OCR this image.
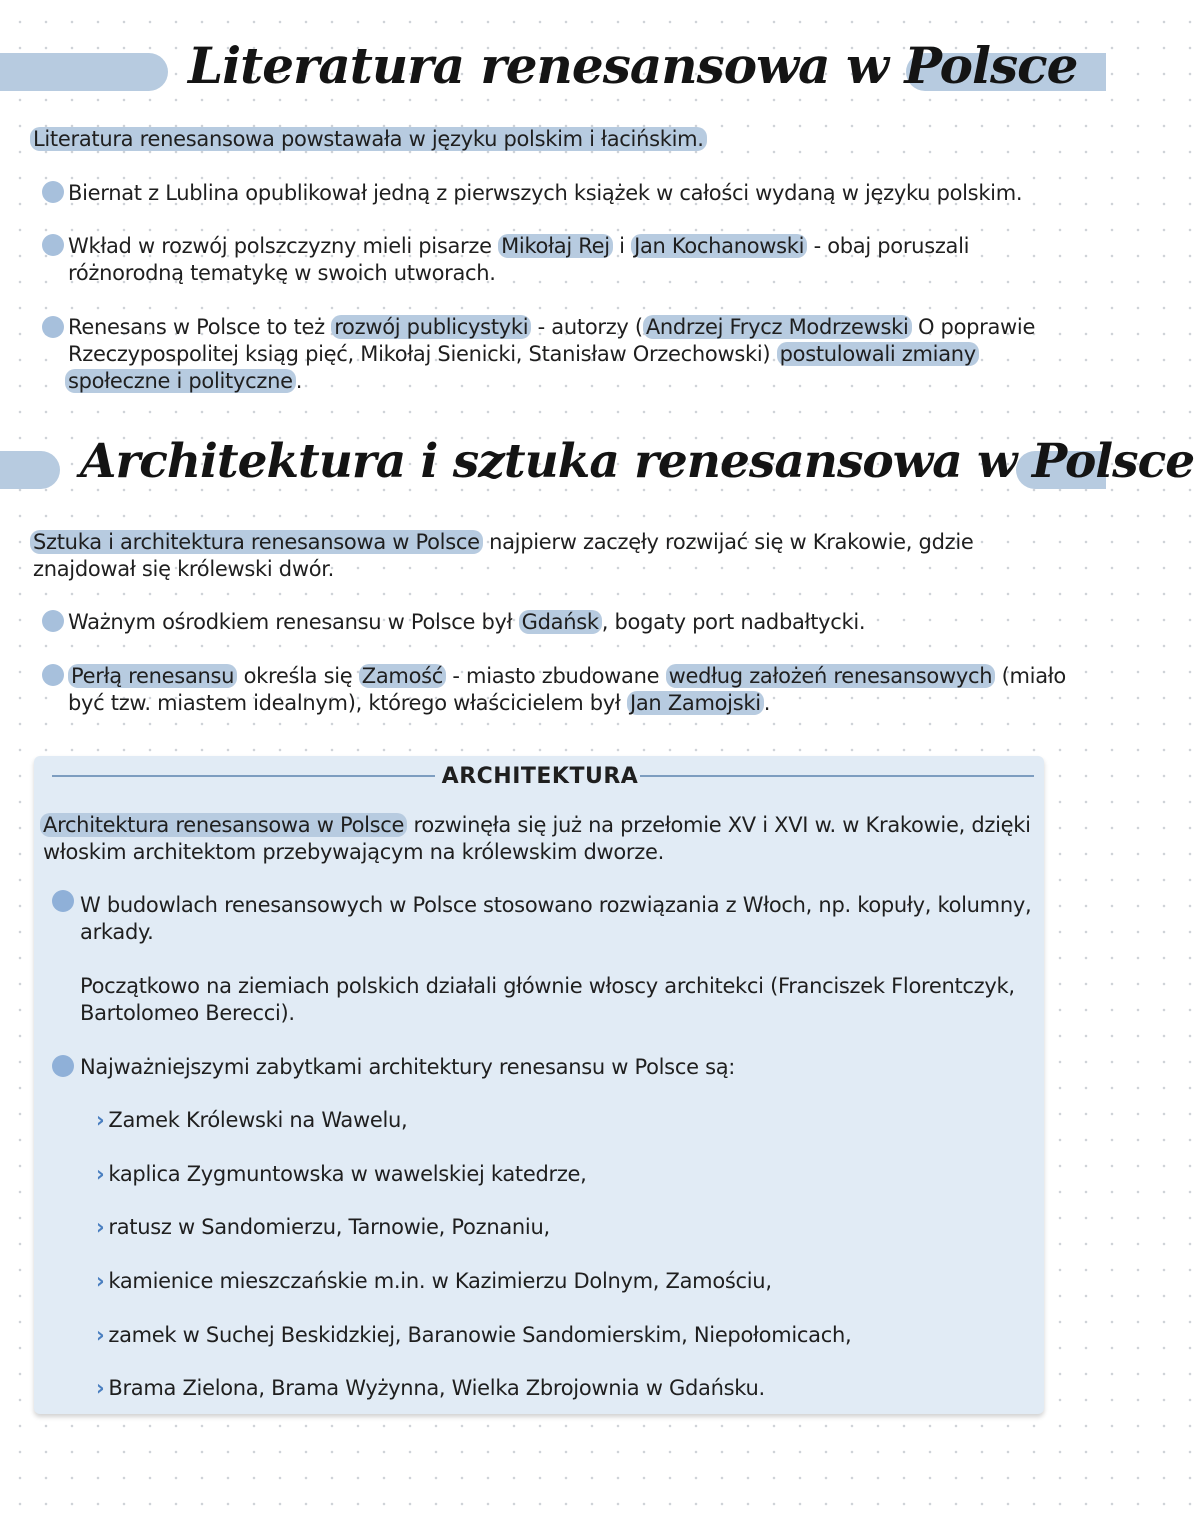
Literatura renesansowa w Polsce
Literatura renesansowa powstawała w języku polskim i łacińskim.
Biernat z Lublina opublikował jedną z pierwszych książek w całości wydaną w języku polskim.
Wkład w rozwój polszczyzny mieli pisarze Mikołaj Rej i Jan Kochanowski - obaj poruszali
różnorodną tematykę w swoich utworach.
Renesans w Polsce to też rozwój publicystyki - autorzy ( Andrzej Frycz Modrzewski O poprawie
Rzeczypospolitej ksiąg pięć, Mikołaj Sienicki, Stanisław Orzechowski) postulowali zmiany
społeczne i polityczne .
Architektura i sztuka renesansowa w Polsce
Sztuka i architektura renesansowa w Polsce najpierw zaczęły rozwijać się w Krakowie, gdzie
znajdował się królewski dwór.
Ważnym ośrodkiem renesansu w Polsce był Gdańsk , bogaty port nadbałtycki.
Perłą renesansu określa się Zamość - miasto zbudowane według założeń renesansowych (miało
być tzw. miastem idealnym), którego właścicielem był Jan Zamojski .
ARCHITEKTURA
Architektura renesansowa w Polsce rozwinęła się już na przełomie XV i XVI w. w Krakowie, dzięki
włoskim architektom przebywającym na królewskim dworze.
W budowlach renesansowych w Polsce stosowano rozwiązania z Włoch, np. kopuły, kolumny,
arkady.
Początkowo na ziemiach polskich działali głównie włoscy architekci (Franciszek Florentczyk,
Bartolomeo Berecci).
Najważniejszymi zabytkami architektury renesansu w Polsce są:
› Zamek Królewski na Wawelu,
› kaplica Zygmuntowska w wawelskiej katedrze,
› ratusz w Sandomierzu, Tarnowie, Poznaniu,
› kamienice mieszczańskie m.in. w Kazimierzu Dolnym, Zamościu,
› zamek w Suchej Beskidzkiej, Baranowie Sandomierskim, Niepołomicach,
› Brama Zielona, Brama Wyżynna, Wielka Zbrojownia w Gdańsku.
